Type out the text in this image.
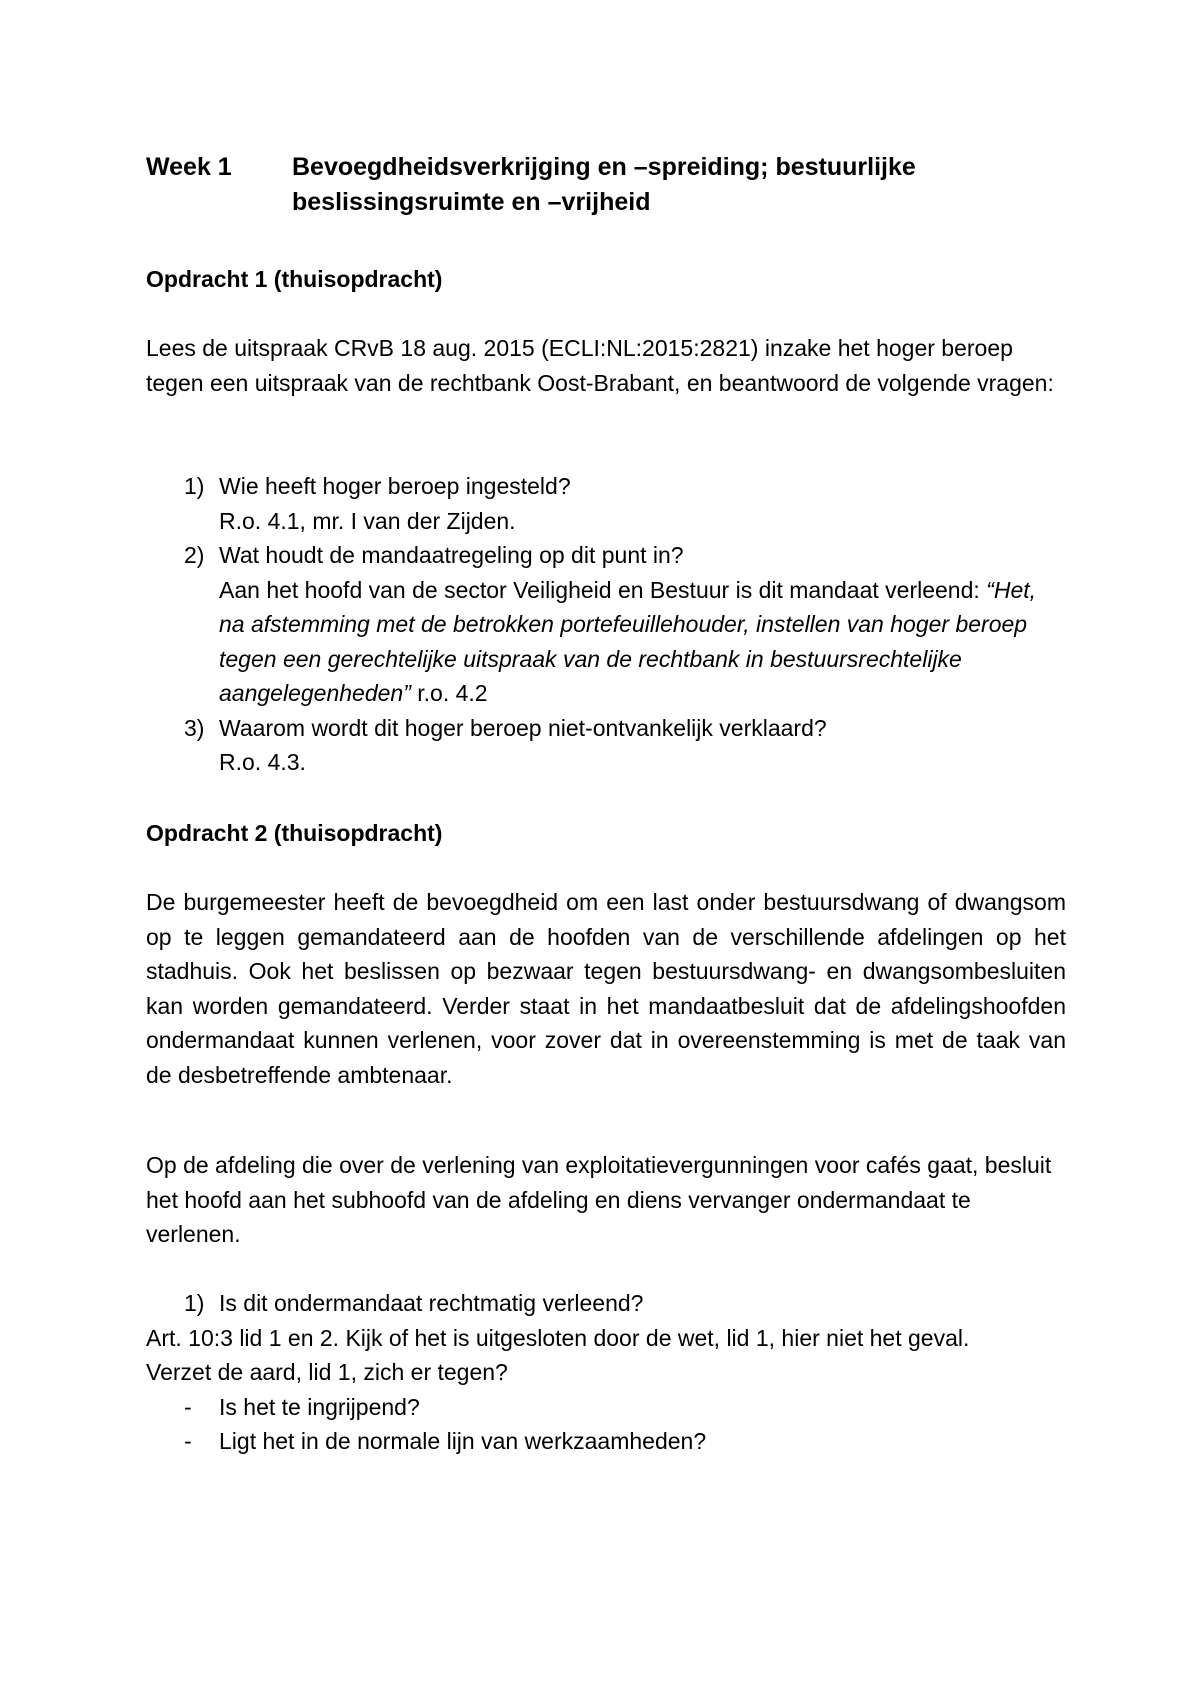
Week 1 Bevoegdheidsverkrijging en –spreiding; bestuurlijke beslissingsruimte en –vrijheid
Opdracht 1 (thuisopdracht)
Lees de uitspraak CRvB 18 aug. 2015 (ECLI:NL:2015:2821) inzake het hoger beroep tegen een uitspraak van de rechtbank Oost-Brabant, en beantwoord de volgende vragen:
1) Wie heeft hoger beroep ingesteld?
R.o. 4.1, mr. I van der Zijden.
2) Wat houdt de mandaatregeling op dit punt in?
Aan het hoofd van de sector Veiligheid en Bestuur is dit mandaat verleend: “Het, na afstemming met de betrokken portefeuillehouder, instellen van hoger beroep tegen een gerechtelijke uitspraak van de rechtbank in bestuursrechtelijke aangelegenheden” r.o. 4.2
3) Waarom wordt dit hoger beroep niet-ontvankelijk verklaard?
R.o. 4.3.
Opdracht 2 (thuisopdracht)
De burgemeester heeft de bevoegdheid om een last onder bestuursdwang of dwangsom op te leggen gemandateerd aan de hoofden van de verschillende afdelingen op het stadhuis. Ook het beslissen op bezwaar tegen bestuursdwang- en dwangsombesluiten kan worden gemandateerd. Verder staat in het mandaatbesluit dat de afdelingshoofden ondermandaat kunnen verlenen, voor zover dat in overeenstemming is met de taak van de desbetreffende ambtenaar.
Op de afdeling die over de verlening van exploitatievergunningen voor cafés gaat, besluit het hoofd aan het subhoofd van de afdeling en diens vervanger ondermandaat te verlenen.
1) Is dit ondermandaat rechtmatig verleend?
Art. 10:3 lid 1 en 2. Kijk of het is uitgesloten door de wet, lid 1, hier niet het geval.
Verzet de aard, lid 1, zich er tegen?
- Is het te ingrijpend?
- Ligt het in de normale lijn van werkzaamheden?
